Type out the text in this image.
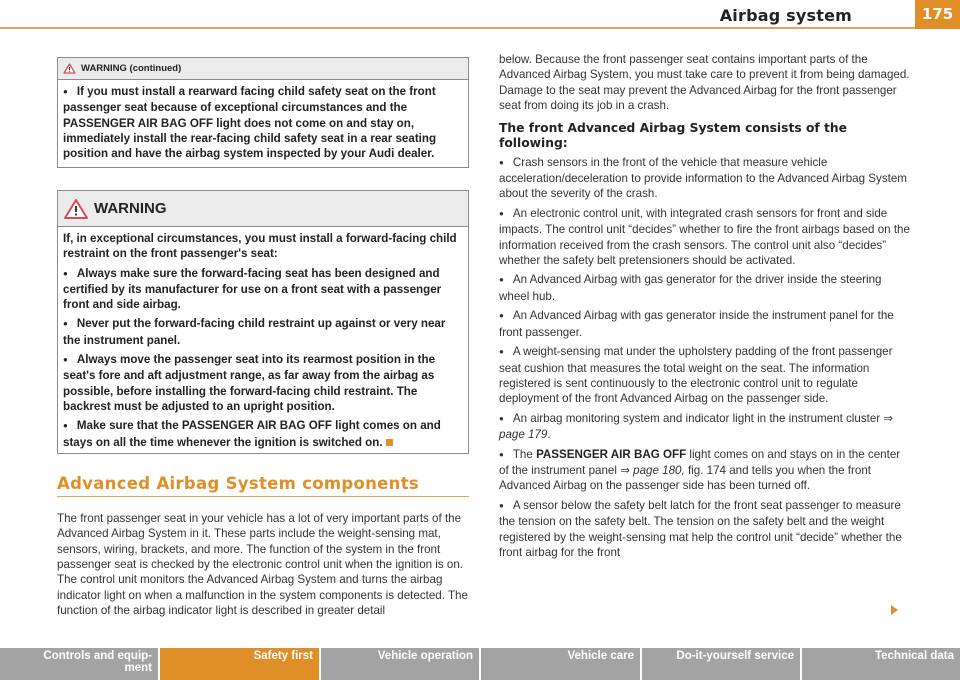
Airbag system	175
WARNING (continued)

● If you must install a rearward facing child safety seat on the front passenger seat because of exceptional circumstances and the PASSENGER AIR BAG OFF light does not come on and stay on, immediately install the rear-facing child safety seat in a rear seating position and have the airbag system inspected by your Audi dealer.

WARNING

If, in exceptional circumstances, you must install a forward-facing child restraint on the front passenger's seat:

● Always make sure the forward-facing seat has been designed and certified by its manufacturer for use on a front seat with a passenger front and side airbag.

● Never put the forward-facing child restraint up against or very near the instrument panel.

● Always move the passenger seat into its rearmost position in the seat's fore and aft adjustment range, as far away from the airbag as possible, before installing the forward-facing child restraint. The backrest must be adjusted to an upright position.

● Make sure that the PASSENGER AIR BAG OFF light comes on and stays on all the time whenever the ignition is switched on.

Advanced Airbag System components

The front passenger seat in your vehicle has a lot of very important parts of the Advanced Airbag System in it. These parts include the weight-sensing mat, sensors, wiring, brackets, and more. The function of the system in the front passenger seat is checked by the electronic control unit when the ignition is on. The control unit monitors the Advanced Airbag System and turns the airbag indicator light on when a malfunction in the system components is detected. The function of the airbag indicator light is described in greater detail

below. Because the front passenger seat contains important parts of the Advanced Airbag System, you must take care to prevent it from being damaged. Damage to the seat may prevent the Advanced Airbag for the front passenger seat from doing its job in a crash.

The front Advanced Airbag System consists of the following:

● Crash sensors in the front of the vehicle that measure vehicle acceleration/deceleration to provide information to the Advanced Airbag System about the severity of the crash.

● An electronic control unit, with integrated crash sensors for front and side impacts. The control unit “decides” whether to fire the front airbags based on the information received from the crash sensors. The control unit also “decides” whether the safety belt pretensioners should be activated.

● An Advanced Airbag with gas generator for the driver inside the steering wheel hub.

● An Advanced Airbag with gas generator inside the instrument panel for the front passenger.

● A weight-sensing mat under the upholstery padding of the front passenger seat cushion that measures the total weight on the seat. The information registered is sent continuously to the electronic control unit to regulate deployment of the front Advanced Airbag on the passenger side.

● An airbag monitoring system and indicator light in the instrument cluster ⇒ page 179.

● The PASSENGER AIR BAG OFF light comes on and stays on in the center of the instrument panel ⇒ page 180, fig. 174 and tells you when the front Advanced Airbag on the passenger side has been turned off.

● A sensor below the safety belt latch for the front seat passenger to measure the tension on the safety belt. The tension on the safety belt and the weight registered by the weight-sensing mat help the control unit “decide” whether the front airbag for the front

Controls and equip-
ment
Safety first	Vehicle operation	Vehicle care	Do-it-yourself service	Technical data
